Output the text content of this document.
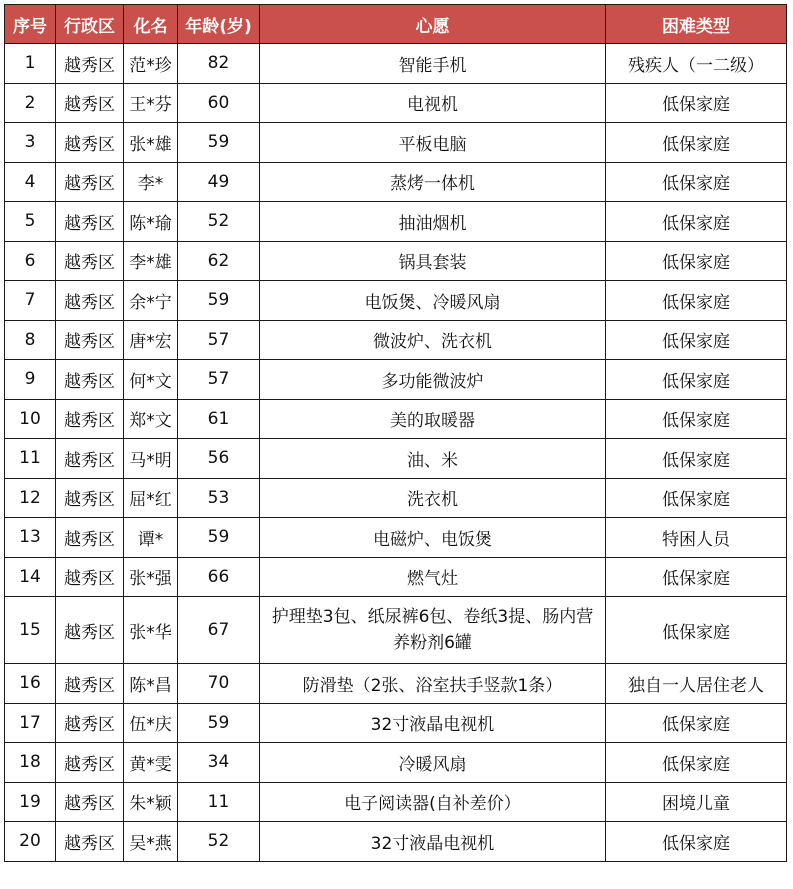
序号	行政区	化名	年龄(岁)	心愿	困难类型
1	越秀区	范*珍	82	智能手机	残疾人（一二级）
2	越秀区	王*芬	60	电视机	低保家庭
3	越秀区	张*雄	59	平板电脑	低保家庭
4	越秀区	李*	49	蒸烤一体机	低保家庭
5	越秀区	陈*瑜	52	抽油烟机	低保家庭
6	越秀区	李*雄	62	锅具套装	低保家庭
7	越秀区	余*宁	59	电饭煲、冷暖风扇	低保家庭
8	越秀区	唐*宏	57	微波炉、洗衣机	低保家庭
9	越秀区	何*文	57	多功能微波炉	低保家庭
10	越秀区	郑*文	61	美的取暖器	低保家庭
11	越秀区	马*明	56	油、米	低保家庭
12	越秀区	屈*红	53	洗衣机	低保家庭
13	越秀区	谭*	59	电磁炉、电饭煲	特困人员
14	越秀区	张*强	66	燃气灶	低保家庭
15	越秀区	张*华	67	护理垫3包、纸尿裤6包、卷纸3提、肠内营养粉剂6罐	低保家庭
16	越秀区	陈*昌	70	防滑垫（2张、浴室扶手竖款1条）	独自一人居住老人
17	越秀区	伍*庆	59	32寸液晶电视机	低保家庭
18	越秀区	黄*雯	34	冷暖风扇	低保家庭
19	越秀区	朱*颖	11	电子阅读器(自补差价）	困境儿童
20	越秀区	吴*燕	52	32寸液晶电视机	低保家庭
